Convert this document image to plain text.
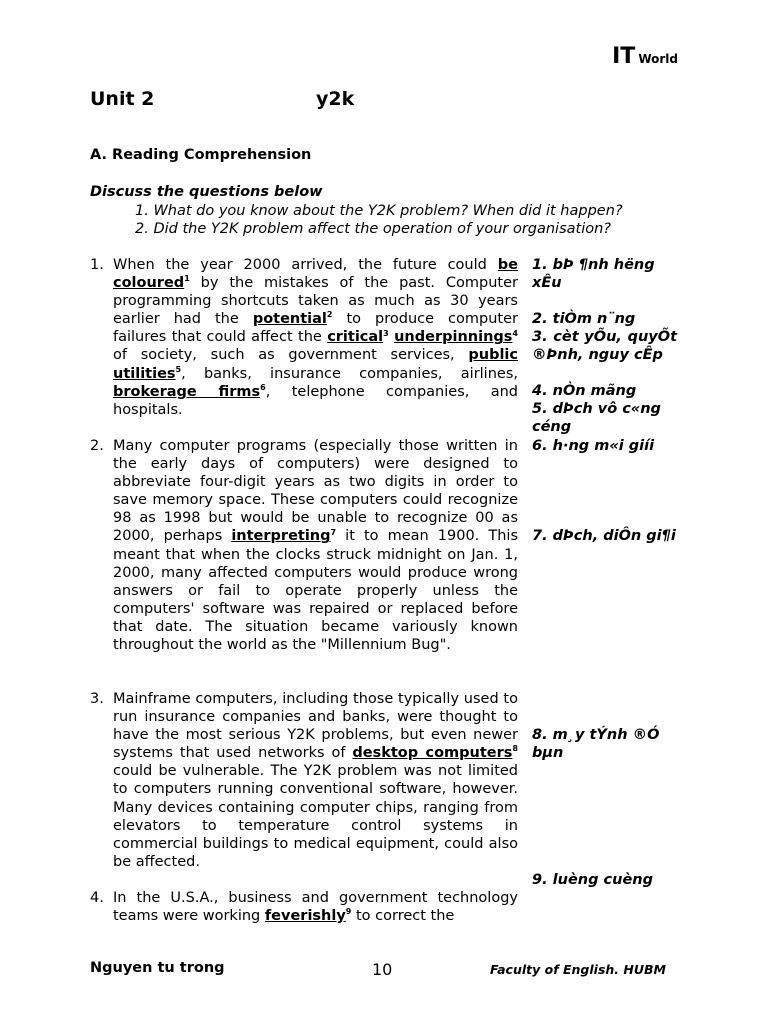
IT World
Unit 2	y2k
A. Reading Comprehension
Discuss the questions below
1. What do you know about the Y2K problem? When did it happen?
2. Did the Y2K problem affect the operation of your organisation?
1. When the year 2000 arrived, the future could be coloured$^1$ by the mistakes of the past. Computer programming shortcuts taken as much as 30 years earlier had the potential$^2$ to produce computer failures that could affect the critical$^3$ underpinnings$^4$ of society, such as government services, public utilities$^5$, banks, insurance companies, airlines, brokerage firms$^6$, telephone companies, and hospitals.
2. Many computer programs (especially those written in the early days of computers) were designed to abbreviate four-digit years as two digits in order to save memory space. These computers could recognize 98 as 1998 but would be unable to recognize 00 as 2000, perhaps interpreting$^7$ it to mean 1900. This meant that when the clocks struck midnight on Jan. 1, 2000, many affected computers would produce wrong answers or fail to operate properly unless the computers' software was repaired or replaced before that date. The situation became variously known throughout the world as the "Millennium Bug".
3. Mainframe computers, including those typically used to run insurance companies and banks, were thought to have the most serious Y2K problems, but even newer systems that used networks of desktop computers$^8$ could be vulnerable. The Y2K problem was not limited to computers running conventional software, however. Many devices containing computer chips, ranging from elevators to temperature control systems in commercial buildings to medical equipment, could also be affected.
4. In the U.S.A., business and government technology teams were working feverishly$^9$ to correct the
1. bÞ ¶nh hëng xÊu
2. tiÒm n¨ng
3. cèt yÕu, quyÕt ®Þnh, nguy cÊp
4. nÒn mãng
5. dÞch vô c«ng céng
6. h·ng m«i giíi
7. dÞch, diÔn gi¶i
8. m¸y tÝnh ®Ó bµn
9. luèng cuèng
Nguyen tu trong	10	Faculty of English. HUBM
